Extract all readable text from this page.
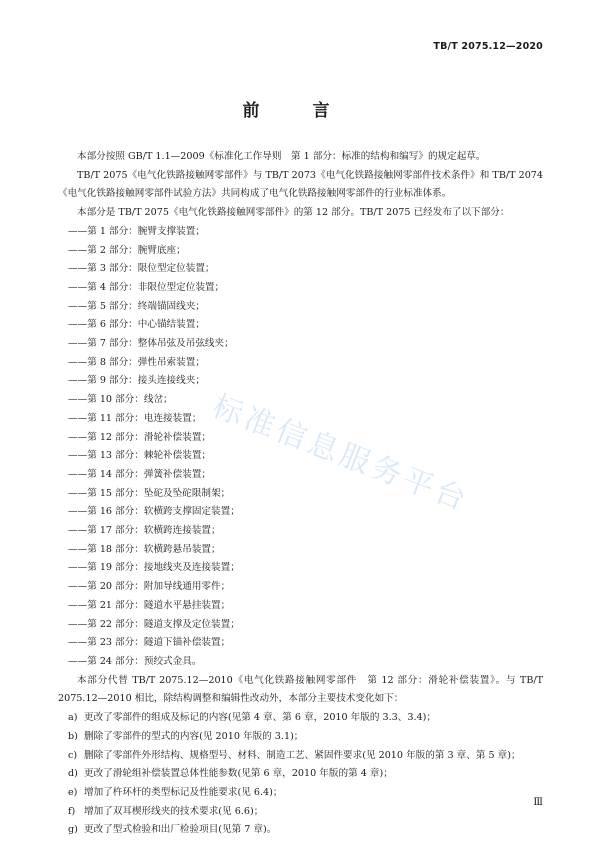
TB/T 2075.12—2020
前　言

本部分按照 GB/T 1.1—2009《标准化工作导则　第 1 部分：标准的结构和编写》的规定起草。

TB/T 2075《电气化铁路接触网零部件》与 TB/T 2073《电气化铁路接触网零部件技术条件》和 TB/T 2074《电气化铁路接触网零部件试验方法》共同构成了电气化铁路接触网零部件的行业标准体系。

本部分是 TB/T 2075《电气化铁路接触网零部件》的第 12 部分。TB/T 2075 已经发布了以下部分：

——第 1 部分：腕臂支撑装置；

——第 2 部分：腕臂底座；

——第 3 部分：限位型定位装置；

——第 4 部分：非限位型定位装置；

——第 5 部分：终端锚固线夹；

——第 6 部分：中心锚结装置；

——第 7 部分：整体吊弦及吊弦线夹；

——第 8 部分：弹性吊索装置；

——第 9 部分：接头连接线夹；

——第 10 部分：线岔；

——第 11 部分：电连接装置；

——第 12 部分：滑轮补偿装置；

——第 13 部分：棘轮补偿装置；

——第 14 部分：弹簧补偿装置；

——第 15 部分：坠砣及坠砣限制架；

——第 16 部分：软横跨支撑固定装置；

——第 17 部分：软横跨连接装置；

——第 18 部分：软横跨悬吊装置；

——第 19 部分：接地线夹及连接装置；

——第 20 部分：附加导线通用零件；

——第 21 部分：隧道水平悬挂装置；

——第 22 部分：隧道支撑及定位装置；

——第 23 部分：隧道下锚补偿装置；

——第 24 部分：预绞式金具。

本部分代替 TB/T 2075.12—2010《电气化铁路接触网零部件　第 12 部分：滑轮补偿装置》。与 TB/T 2075.12—2010 相比，除结构调整和编辑性改动外，本部分主要技术变化如下：

a) 更改了零部件的组成及标记的内容(见第 4 章、第 6 章，2010 年版的 3.3、3.4)；

b) 删除了零部件的型式的内容(见 2010 年版的 3.1)；

c) 删除了零部件外形结构、规格型号、材料、制造工艺、紧固件要求(见 2010 年版的第 3 章、第 5 章)；

d) 更改了滑轮组补偿装置总体性能参数(见第 6 章，2010 年版的第 4 章)；

e) 增加了杵环杆的类型标记及性能要求(见 6.4)；

f) 增加了双耳楔形线夹的技术要求(见 6.6)；

g) 更改了型式检验和出厂检验项目(见第 7 章)。

标准信息服务平台
Ⅲ
